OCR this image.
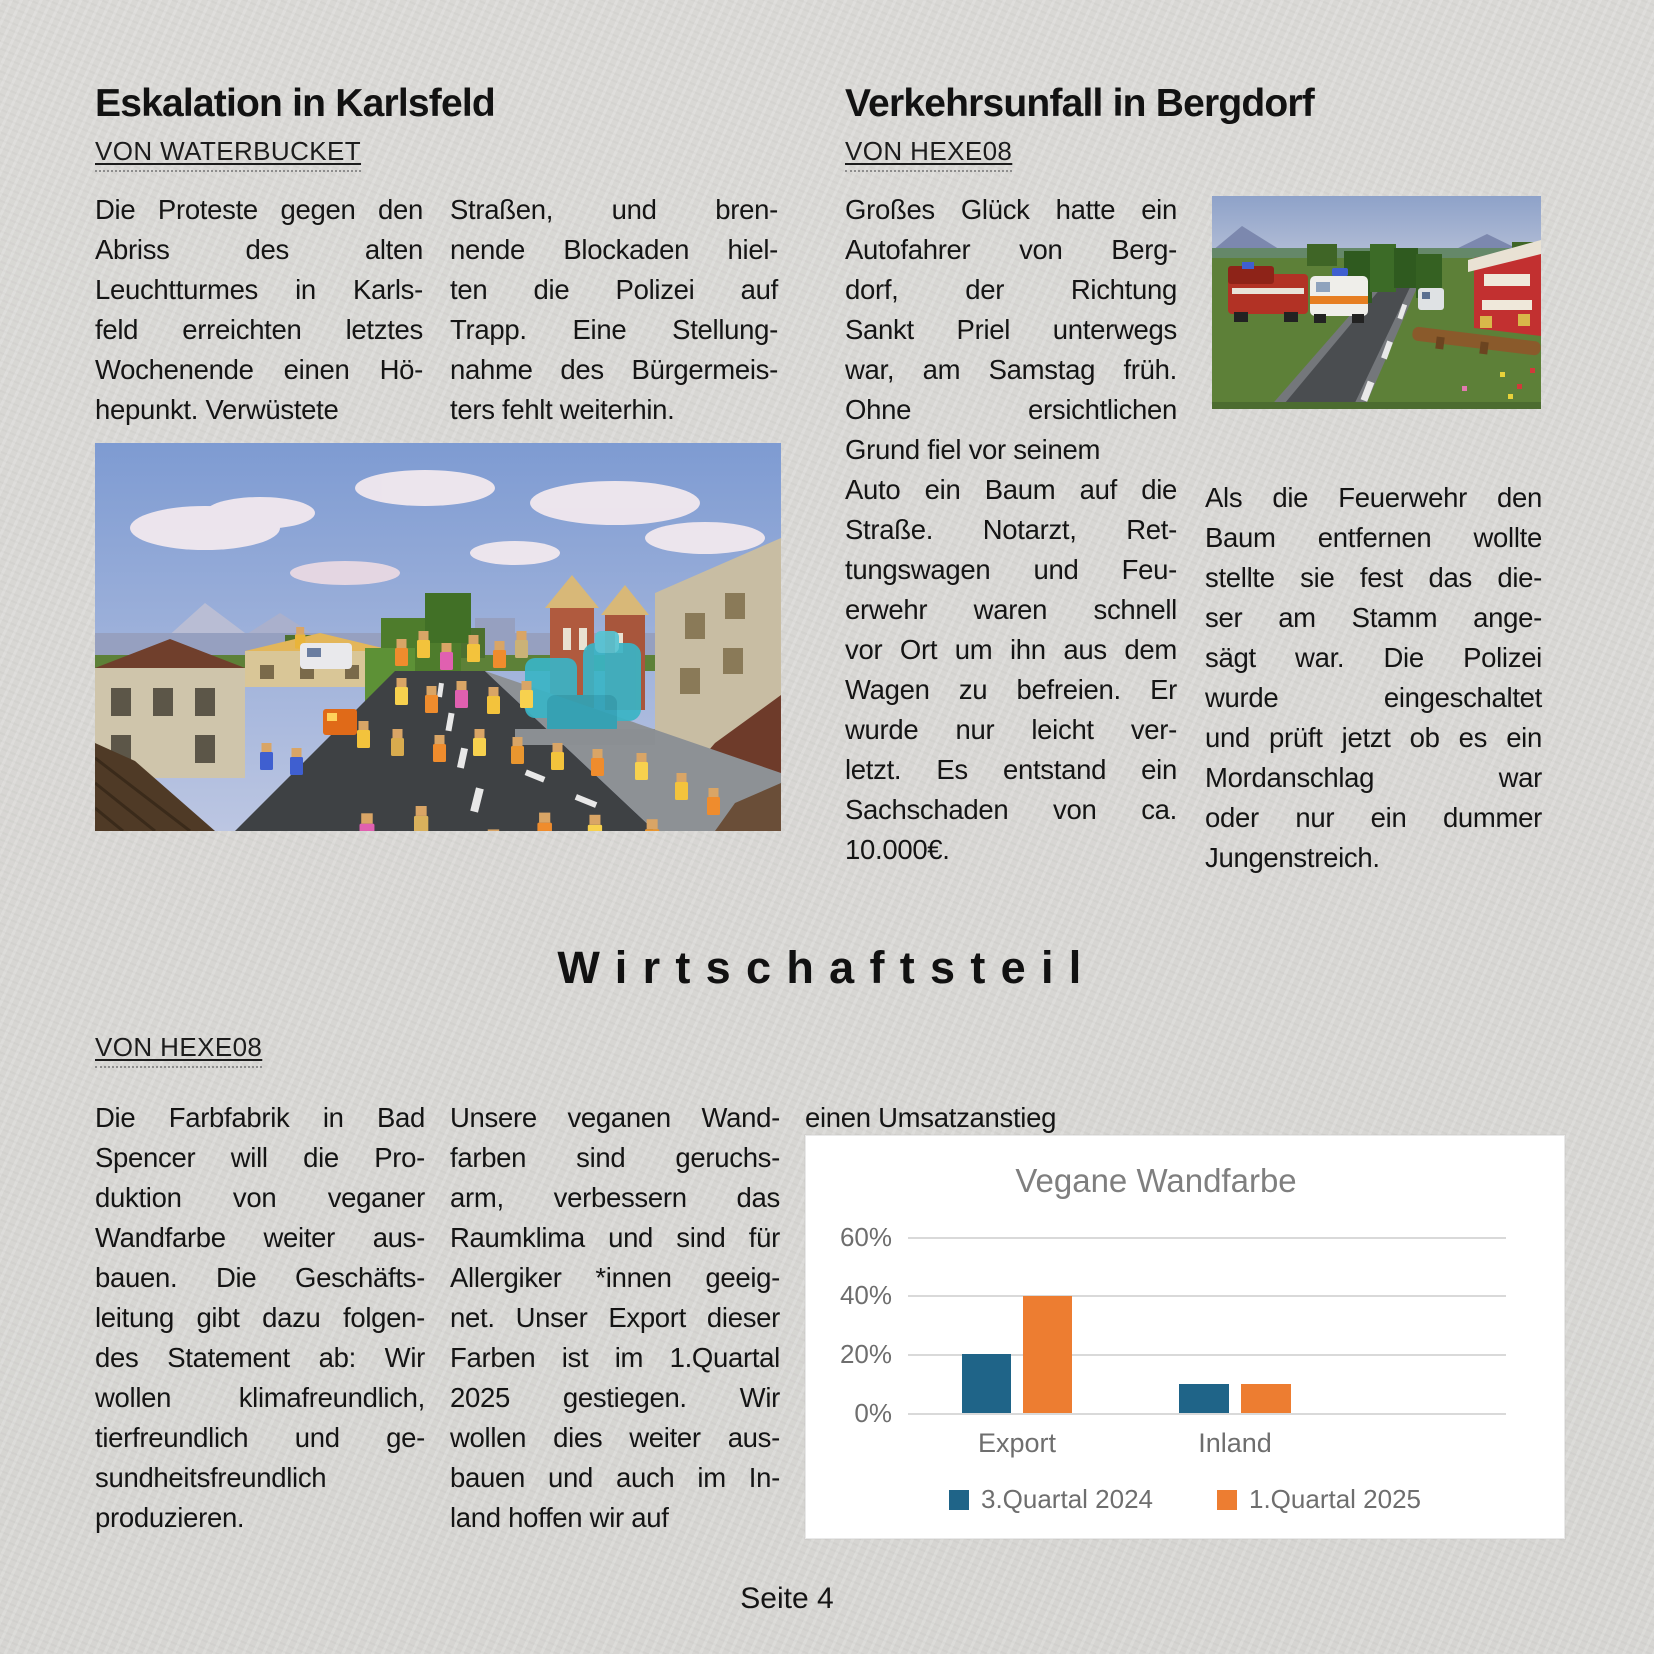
Eskalation in Karlsfeld
VON WATERBUCKET
Die Proteste gegen den
Abriss des alten
Leuchtturmes in Karls-
feld erreichten letztes
Wochenende einen Hö-
hepunkt. Verwüstete
Straßen, und bren-
nende Blockaden hiel-
ten die Polizei auf
Trapp. Eine Stellung-
nahme des Bürgermeis-
ters fehlt weiterhin.
Verkehrsunfall in Bergdorf
VON HEXE08
Großes Glück hatte ein
Autofahrer von Berg-
dorf, der Richtung
Sankt Priel unterwegs
war, am Samstag früh.
Ohne ersichtlichen
Grund fiel vor seinem
Auto ein Baum auf die
Straße. Notarzt, Ret-
tungswagen und Feu-
erwehr waren schnell
vor Ort um ihn aus dem
Wagen zu befreien. Er
wurde nur leicht ver-
letzt. Es entstand ein
Sachschaden von ca.
10.000€.
Als die Feuerwehr den
Baum entfernen wollte
stellte sie fest das die-
ser am Stamm ange-
sägt war. Die Polizei
wurde eingeschaltet
und prüft jetzt ob es ein
Mordanschlag war
oder nur ein dummer
Jungenstreich.
Wirtschaftsteil
VON HEXE08
Die Farbfabrik in Bad
Spencer will die Pro-
duktion von veganer
Wandfarbe weiter aus-
bauen. Die Geschäfts-
leitung gibt dazu folgen-
des Statement ab: Wir
wollen klimafreundlich,
tierfreundlich und ge-
sundheitsfreundlich
produzieren.
Unsere veganen Wand-
farben sind geruchs-
arm, verbessern das
Raumklima und sind für
Allergiker *innen geeig-
net. Unser Export dieser
Farben ist im 1.Quartal
2025 gestiegen. Wir
wollen dies weiter aus-
bauen und auch im In-
land hoffen wir auf
einen Umsatzanstieg
Vegane Wandfarbe
60%
40%
20%
0%
Export	Inland
3.Quartal 2024	1.Quartal 2025
Seite 4
